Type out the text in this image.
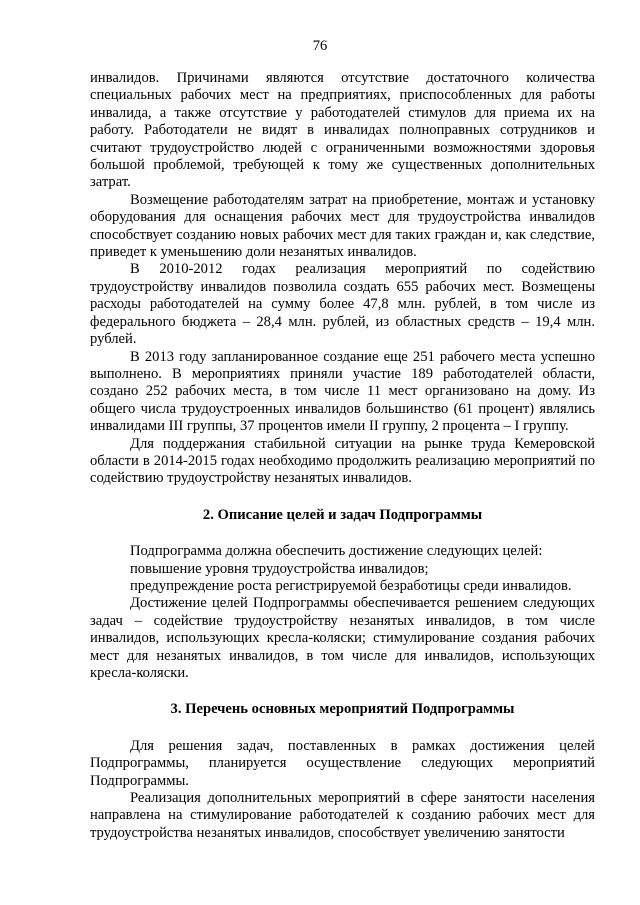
76

инвалидов. Причинами являются отсутствие достаточного количества специальных рабочих мест на предприятиях, приспособленных для работы инвалида, а также отсутствие у работодателей стимулов для приема их на работу. Работодатели не видят в инвалидах полноправных сотрудников и считают трудоустройство людей с ограниченными возможностями здоровья большой проблемой, требующей к тому же существенных дополнительных затрат.

Возмещение работодателям затрат на приобретение, монтаж и установку оборудования для оснащения рабочих мест для трудоустройства инвалидов способствует созданию новых рабочих мест для таких граждан и, как следствие, приведет к уменьшению доли незанятых инвалидов.

В 2010-2012 годах реализация мероприятий по содействию трудоустройству инвалидов позволила создать 655 рабочих мест. Возмещены расходы работодателей на сумму более 47,8 млн. рублей, в том числе из федерального бюджета – 28,4 млн. рублей, из областных средств – 19,4 млн. рублей.

В 2013 году запланированное создание еще 251 рабочего места успешно выполнено. В мероприятиях приняли участие 189 работодателей области, создано 252 рабочих места, в том числе 11 мест организовано на дому. Из общего числа трудоустроенных инвалидов большинство (61 процент) являлись инвалидами III группы, 37 процентов имели II группу, 2 процента – I группу.

Для поддержания стабильной ситуации на рынке труда Кемеровской области в 2014-2015 годах необходимо продолжить реализацию мероприятий по содействию трудоустройству незанятых инвалидов.

2. Описание целей и задач Подпрограммы

Подпрограмма должна обеспечить достижение следующих целей:

повышение уровня трудоустройства инвалидов;

предупреждение роста регистрируемой безработицы среди инвалидов.

Достижение целей Подпрограммы обеспечивается решением следующих задач – содействие трудоустройству незанятых инвалидов, в том числе инвалидов, использующих кресла-коляски; стимулирование создания рабочих мест для незанятых инвалидов, в том числе для инвалидов, использующих кресла-коляски.

3. Перечень основных мероприятий Подпрограммы

Для решения задач, поставленных в рамках достижения целей Подпрограммы, планируется осуществление следующих мероприятий Подпрограммы.

Реализация дополнительных мероприятий в сфере занятости населения направлена на стимулирование работодателей к созданию рабочих мест для трудоустройства незанятых инвалидов, способствует увеличению занятости
